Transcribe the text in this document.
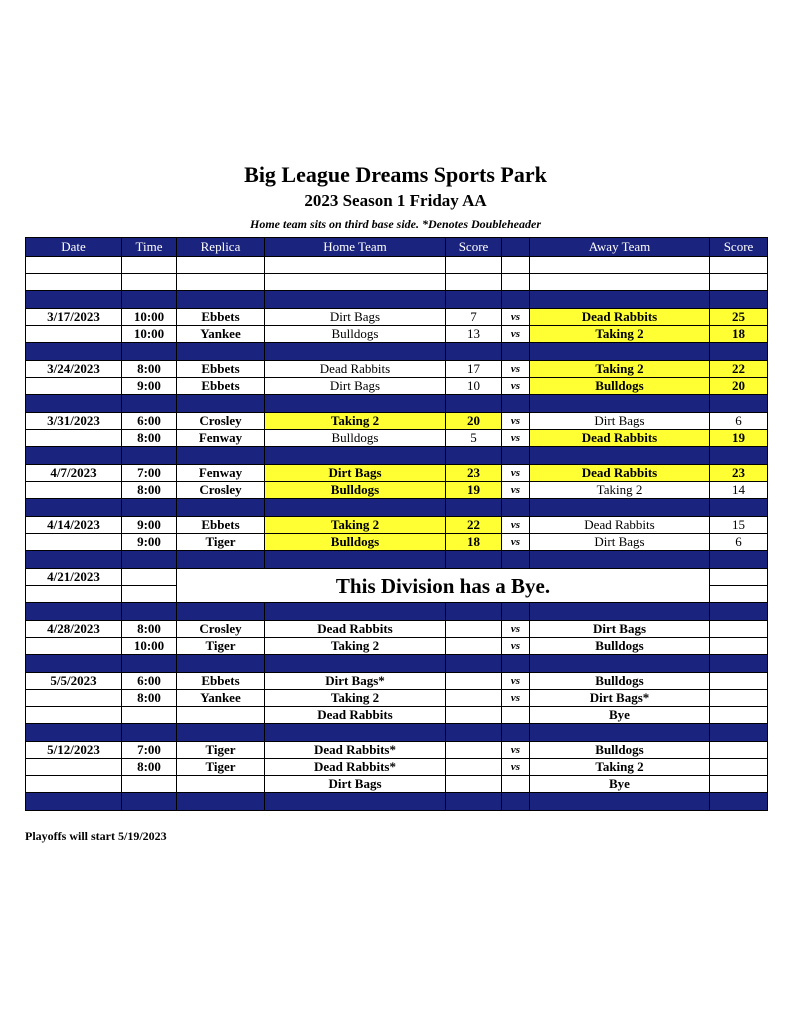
Big League Dreams Sports Park
2023 Season 1 Friday AA
Home team sits on third base side. *Denotes Doubleheader
Date	Time	Replica	Home Team	Score		Away Team	Score

3/17/2023	10:00	Ebbets	Dirt Bags	7	vs	Dead Rabbits	25
	10:00	Yankee	Bulldogs	13	vs	Taking 2	18

3/24/2023	8:00	Ebbets	Dead Rabbits	17	vs	Taking 2	22
	9:00	Ebbets	Dirt Bags	10	vs	Bulldogs	20

3/31/2023	6:00	Crosley	Taking 2	20	vs	Dirt Bags	6
	8:00	Fenway	Bulldogs	5	vs	Dead Rabbits	19

4/7/2023	7:00	Fenway	Dirt Bags	23	vs	Dead Rabbits	23
	8:00	Crosley	Bulldogs	19	vs	Taking 2	14

4/14/2023	9:00	Ebbets	Taking 2	22	vs	Dead Rabbits	15
	9:00	Tiger	Bulldogs	18	vs	Dirt Bags	6

4/21/2023		This Division has a Bye.					

4/28/2023	8:00	Crosley	Dead Rabbits		vs	Dirt Bags	
	10:00	Tiger	Taking 2		vs	Bulldogs	

5/5/2023	6:00	Ebbets	Dirt Bags*		vs	Bulldogs	
	8:00	Yankee	Taking 2		vs	Dirt Bags*	
			Dead Rabbits			Bye	

5/12/2023	7:00	Tiger	Dead Rabbits*		vs	Bulldogs	
	8:00	Tiger	Dead Rabbits*		vs	Taking 2	
			Dirt Bags			Bye	

Playoffs will start 5/19/2023
